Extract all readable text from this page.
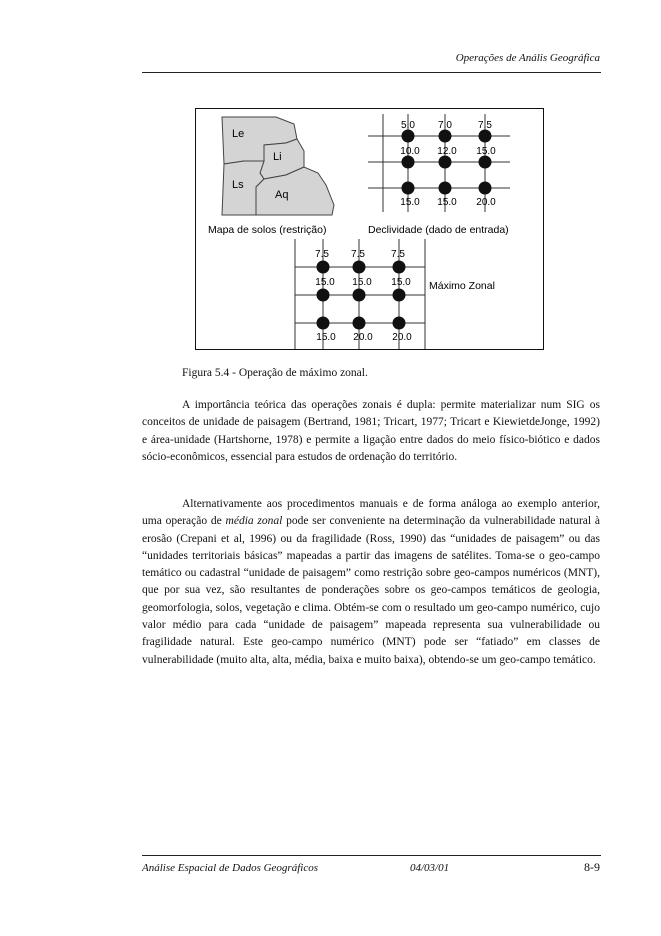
Operações de Anális Geográfica
Le
Li
Ls
Aq
5.0 7.0	7.5
10.0 12.0 15.0
15.0 15.0 20.0
Mapa de solos (restrição)	Declividade (dado de entrada)
7.5 7.5	7.5
15.0 15.0 15.0
15.0 20.0 20.0
Máximo Zonal
Figura 5.4 - Operação de máximo zonal.

A importância teórica das operações zonais é dupla: permite materializar num SIG os conceitos de unidade de paisagem (Bertrand, 1981; Tricart, 1977; Tricart e KiewietdeJonge, 1992) e área-unidade (Hartshorne, 1978) e permite a ligação entre dados do meio físico-biótico e dados sócio-econômicos, essencial para estudos de ordenação do território.

Alternativamente aos procedimentos manuais e de forma análoga ao exemplo anterior, uma operação de média zonal pode ser conveniente na determinação da vulnerabilidade natural à erosão (Crepani et al, 1996) ou da fragilidade (Ross, 1990) das “unidades de paisagem” ou das “unidades territoriais básicas” mapeadas a partir das imagens de satélites. Toma-se o geo-campo temático ou cadastral “unidade de paisagem” como restrição sobre geo-campos numéricos (MNT), que por sua vez, são resultantes de ponderações sobre os geo-campos temáticos de geologia, geomorfologia, solos, vegetação e clima. Obtém-se com o resultado um geo-campo numérico, cujo valor médio para cada “unidade de paisagem” mapeada representa sua vulnerabilidade ou fragilidade natural. Este geo-campo numérico (MNT) pode ser “fatiado” em classes de vulnerabilidade (muito alta, alta, média, baixa e muito baixa), obtendo-se um geo-campo temático.

Análise Espacial de Dados Geográficos	04/03/01	8-9
